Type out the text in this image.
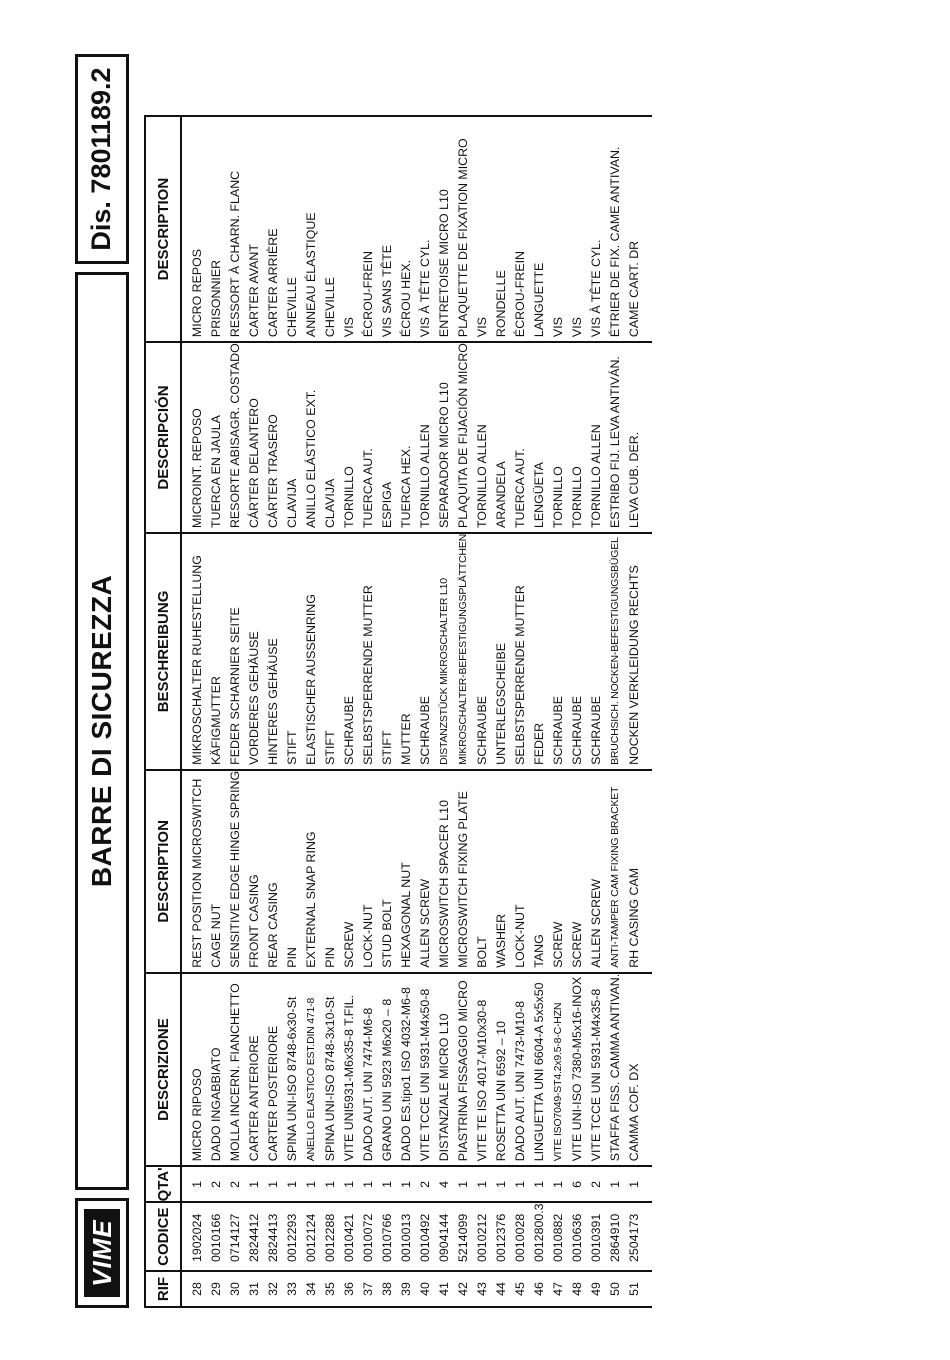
VIME
BARRE DI SICUREZZA
Dis. 7801189.2
RIF	CODICE	QTA'	DESCRIZIONE	DESCRIPTION	BESCHREIBUNG	DESCRIPCIÓN	DESCRIPTION
28	1902024	1	MICRO RIPOSO	REST POSITION MICROSWITCH	MIKROSCHALTER RUHESTELLUNG	MICROINT. REPOSO	MICRO REPOS
29	0010166	2	DADO INGABBIATO	CAGE NUT	KÄFIGMUTTER	TUERCA EN JAULA	PRISONNIER
30	0714127	2	MOLLA INCERN. FIANCHETTO	SENSITIVE EDGE HINGE SPRING	FEDER SCHARNIER SEITE	RESORTE ABISAGR. COSTADO	RESSORT À CHARN. FLANC
31	2824412	1	CARTER ANTERIORE	FRONT CASING	VORDERES GEHÄUSE	CÁRTER DELANTERO	CARTER AVANT
32	2824413	1	CARTER POSTERIORE	REAR CASING	HINTERES GEHÄUSE	CÁRTER TRASERO	CARTER ARRIÈRE
33	0012293	1	SPINA UNI-ISO 8748-6x30-St	PIN	STIFT	CLAVIJA	CHEVILLE
34	0012124	1	ANELLO ELASTICO EST.DIN 471-8	EXTERNAL SNAP RING	ELASTISCHER AUSSENRING	ANILLO ELÁSTICO EXT.	ANNEAU ÉLASTIQUE
35	0012288	1	SPINA UNI-ISO 8748-3x10-St	PIN	STIFT	CLAVIJA	CHEVILLE
36	0010421	1	VITE UNI5931-M6x35-8 T.FIL.	SCREW	SCHRAUBE	TORNILLO	VIS
37	0010072	1	DADO AUT. UNI 7474-M6-8	LOCK-NUT	SELBSTSPERRENDE MUTTER	TUERCA AUT.	ÉCROU-FREIN
38	0010766	1	GRANO UNI 5923 M6x20 – 8	STUD BOLT	STIFT	ESPIGA	VIS SANS TÊTE
39	0010013	1	DADO ES.tipo1 ISO 4032-M6-8	HEXAGONAL NUT	MUTTER	TUERCA HEX.	ÉCROU HEX.
40	0010492	2	VITE TCCE UNI 5931-M4x50-8	ALLEN SCREW	SCHRAUBE	TORNILLO ALLEN	VIS À TÊTE CYL.
41	0904144	4	DISTANZIALE MICRO L10	MICROSWITCH SPACER L10	DISTANZSTÜCK MIKROSCHALTER L10	SEPARADOR MICRO L10	ENTRETOISE MICRO L10
42	5214099	1	PIASTRINA FISSAGGIO MICRO	MICROSWITCH FIXING PLATE	MIKROSCHALTER-BEFESTIGUNGSPLÄTTCHEN	PLAQUITA DE FIJACIÓN MICRO	PLAQUETTE DE FIXATION MICRO
43	0010212	1	VITE TE ISO 4017-M10x30-8	BOLT	SCHRAUBE	TORNILLO ALLEN	VIS
44	0012376	1	ROSETTA UNI 6592 – 10	WASHER	UNTERLEGSCHEIBE	ARANDELA	RONDELLE
45	0010028	1	DADO AUT. UNI 7473-M10-8	LOCK-NUT	SELBSTSPERRENDE MUTTER	TUERCA AUT.	ÉCROU-FREIN
46	0012800.3	1	LINGUETTA UNI 6604-A 5x5x50	TANG	FEDER	LENGÜETA	LANGUETTE
47	0010882	1	VITE ISO7049-ST4.2x9.5-8-C-HZN	SCREW	SCHRAUBE	TORNILLO	VIS
48	0010636	6	VITE UNI-ISO 7380-M5x16-INOX	SCREW	SCHRAUBE	TORNILLO	VIS
49	0010391	2	VITE TCCE UNI 5931-M4x35-8	ALLEN SCREW	SCHRAUBE	TORNILLO ALLEN	VIS À TÊTE CYL.
50	2864910	1	STAFFA FISS. CAMMA ANTIVAN.	ANTI-TAMPER CAM FIXING BRACKET	BRUCHSICH. NOCKEN-BEFESTIGUNGSBÜGEL	ESTRIBO FIJ. LEVA ANTIVÁN.	ÉTRIER DE FIX. CAME ANTIVAN.
51	2504173	1	CAMMA COF. DX	RH CASING CAM	NOCKEN VERKLEIDUNG RECHTS	LEVA CUB. DER.	CAME CART. DR
